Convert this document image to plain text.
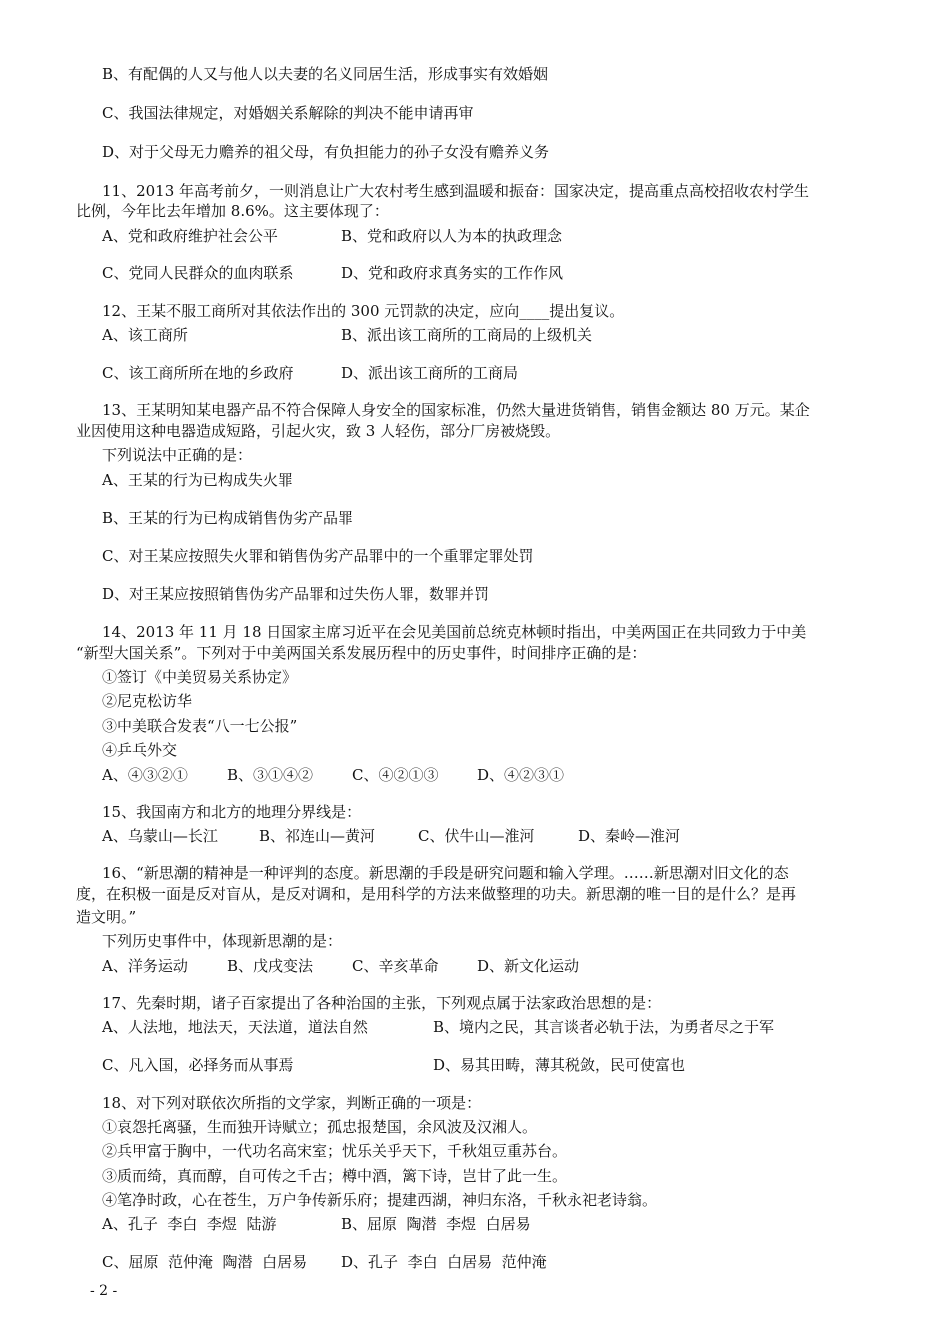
B、有配偶的人又与他人以夫妻的名义同居生活，形成事实有效婚姻
C、我国法律规定，对婚姻关系解除的判决不能申请再审
D、对于父母无力赡养的祖父母，有负担能力的孙子女没有赡养义务
11、2013 年高考前夕，一则消息让广大农村考生感到温暖和振奋：国家决定，提高重点高校招收农村学生
比例，今年比去年增加 8.6%。这主要体现了：
A、党和政府维护社会公平	B、党和政府以人为本的执政理念
C、党同人民群众的血肉联系	D、党和政府求真务实的工作作风
12、王某不服工商所对其依法作出的 300 元罚款的决定，应向____提出复议。
A、该工商所	B、派出该工商所的工商局的上级机关
C、该工商所所在地的乡政府	D、派出该工商所的工商局
13、王某明知某电器产品不符合保障人身安全的国家标准，仍然大量进货销售，销售金额达 80 万元。某企
业因使用这种电器造成短路，引起火灾，致 3 人轻伤，部分厂房被烧毁。
下列说法中正确的是：
A、王某的行为已构成失火罪
B、王某的行为已构成销售伪劣产品罪
C、对王某应按照失火罪和销售伪劣产品罪中的一个重罪定罪处罚
D、对王某应按照销售伪劣产品罪和过失伤人罪，数罪并罚
14、2013 年 11 月 18 日国家主席习近平在会见美国前总统克林顿时指出，中美两国正在共同致力于中美
“新型大国关系”。下列对于中美两国关系发展历程中的历史事件，时间排序正确的是：
①签订《中美贸易关系协定》
②尼克松访华
③中美联合发表“八一七公报”
④乒乓外交
A、④③②①	B、③①④②	C、④②①③	D、④②③①
15、我国南方和北方的地理分界线是：
A、乌蒙山—长江	B、祁连山—黄河	C、伏牛山—淮河	D、秦岭—淮河
16、“新思潮的精神是一种评判的态度。新思潮的手段是研究问题和输入学理。……新思潮对旧文化的态
度，在积极一面是反对盲从，是反对调和，是用科学的方法来做整理的功夫。新思潮的唯一目的是什么？是再
造文明。”
下列历史事件中，体现新思潮的是：
A、洋务运动	B、戊戌变法	C、辛亥革命	D、新文化运动
17、先秦时期，诸子百家提出了各种治国的主张，下列观点属于法家政治思想的是：
A、人法地，地法天，天法道，道法自然	B、境内之民，其言谈者必轨于法，为勇者尽之于军
C、凡入国，必择务而从事焉	D、易其田畴，薄其税敛，民可使富也
18、对下列对联依次所指的文学家，判断正确的一项是：
①哀怨托离骚，生而独开诗赋立；孤忠报楚国，余风波及汉湘人。
②兵甲富于胸中，一代功名高宋室；忧乐关乎天下，千秋俎豆重苏台。
③质而绮，真而醇，自可传之千古；樽中酒，篱下诗，岂甘了此一生。
④笔净时政，心在苍生，万户争传新乐府；提建西湖，神归东洛，千秋永祀老诗翁。
A、孔子  李白  李煜  陆游	B、屈原  陶潜  李煜  白居易
C、屈原  范仲淹  陶潜  白居易 D、孔子  李白  白居易  范仲淹
- 2 -
